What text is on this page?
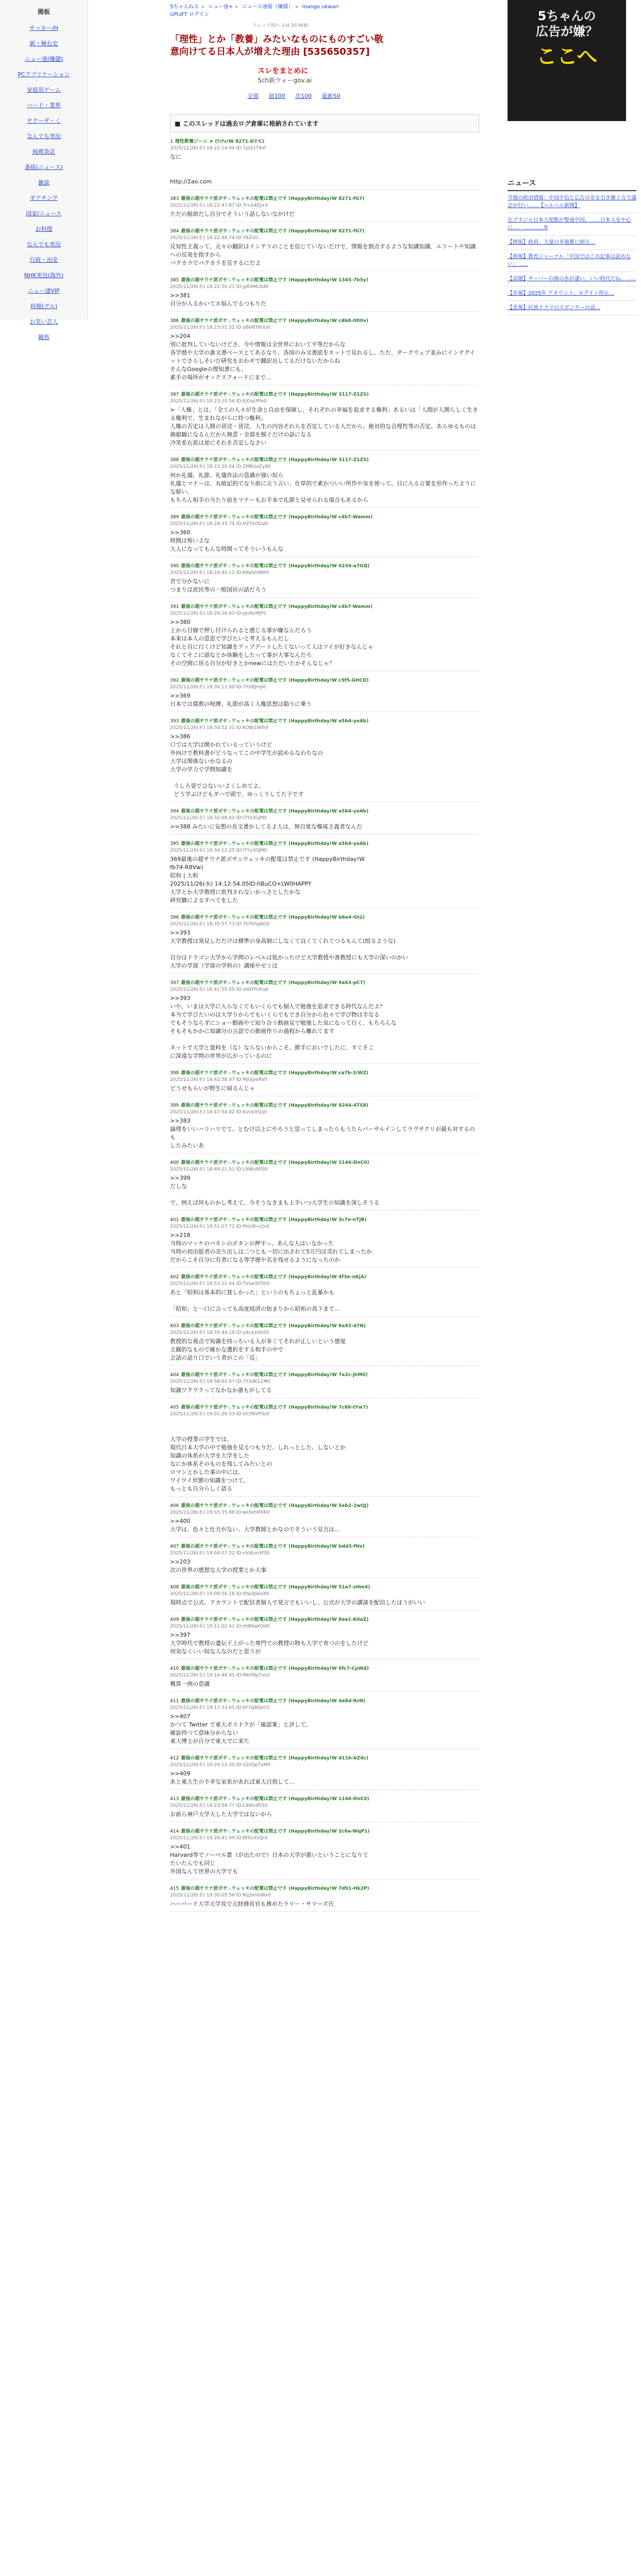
掲板
サッカー/H
新・極右史
ニュー速(嫌儲)
PCアプリケーション
家庭用ゲーム
ハード・業界
ヤクーザ・く
なんでも実況
純喫茶店
番組(ニュース)
雑談
ギアチング
国家/ニュース
お料理
なんでも実況
行政・治安
NHK実況(海外)
ニュー速VIP
料理(グル)
お笑い芸人
競馬
5ちゃんねる » ニュー速+ » ニュース速報（嫌儲） » mango ukwari
UPLIFT ログイン
スレッドIDへ 1/4 20 N(8)
「理性」とか「教養」みたいなものにものすごい敬意向けてる日本人が増えた理由 [535650357]
スレをまとめに
5ch新ウォーgov.ai
全部 前100 次100 最新50
■ このスレッドは過去ログ倉庫に格納されています
1 理性教養ジーニ ★ (ﾜｯﾁｮｲW 8271-D7/C)
2025/11/26(水) 18:22:14.94 ID:7pl21T4Vi
なに

http://2ao.com
383 最後の超サウナ派ボサ♨ウェッキの配電は禁止です (HappyBirthday!W 8271-fG7)
2025/11/26(水) 18:22:47.87 ID:7I+b4EJ+0
ただの脱却だし自分でそういう話しないながけだ
384 最後の超サウナ派ボサ♨ウェッキの配電は禁止です (HappyBirthday!W 8271-fG7)
2025/11/26(水) 18:22:48.74 ID:Y6ZiiO...
反知性主義って、元々の翻訳はインテリのことを信じていないだけで、情報を割点するような知識知識、エリートや知識への反発を指すから
パクカラでパクカラを反するにだよ
385 最後の超サウナ派ボサ♨ウェッキの配電は禁止です (HappyBirthday!W 1345-7b5y)
2025/11/26(水) 18:22:50.21 ID:gIK9MLbd0
>>381
自分が入るかいてホ悩んでるつもりだ
386 最後の超サウナ派ボサ♨ウェッキの配電は禁止です (HappyBirthday!W c4b8-0D0v)
2025/11/26(水) 18:23:01.52 ID:yB6NTR0U0
>>204
別に批判していないけどさ、今や情報は全世界において平等だからな
各学歴や大学の誰文書ベースとてあるなり、各国のみ文書読をネットで見れるし、ただ、ダークウェブ並みにインテグイットでさらしそいだ研究をおかギで翻訳出してるだけないだからね
そんなGoogleの理知書にも、
素手の場所がオックスフォードにまで...
387 最後の超サウナ派ボサ♨ウェッキの配電は禁止です (HappyBirthday!W 3117-Z1ZS)
2025/11/26(水) 18:23:10.54 ID:EjOqUPbi0
>「人権」とは、「全ての人々が生命と自由を保障し、それぞれの幸福を追求する権利」あるいは「人間が人間らしく生きる権利で、生まれながらに持つ権利」
人権の否定は人間の冒涜・冒涜、人生の内容それらを否定している人だから、絶対的な合理性等の否定、あらゆるものは価値観になるんだから無意・全部を脱ぐだけの話になる
冷笑系右派は逆にそれを否定しなさい
388 最後の超サウナ派ボサ♨ウェッキの配電は禁止です (HappyBirthday!W 3117-Z1ZS)
2025/11/26(水) 18:23:20.54 ID:ZMKUaZy90
何か礼儀、礼節、礼儀作法の意識が強い奴ら
礼儀とマナーは、丸暗記的でなり前に言う言い、仕草的で素かついい所作や気を使って、目に入る言葉を形作ったようにな暗い、
もちろん相手の当たり前をマナーもお手本で礼節と見せられる場合もあるから
389 最後の超サウナ派ボサ♨ウェッキの配電は禁止です (HappyBirthday!W c4b7-Wamm)
2025/11/26(水) 18:24:33.74 ID:HZYb0EqI0
>>360
時間は怖いよな
大人になってもんな時間ってそういうもんな
390 最後の超サウナ派ボサ♨ウェッキの配電は禁止です (HappyBirthday!W 0234-a7GQ)
2025/11/26(水) 18:24:40.11 ID:bKeSOlNR0
昔で分かないに
つまりは庶民等の一般国民の話だろう
391 最後の超サウナ派ボサ♨ウェッキの配電は禁止です (HappyBirthday!W c4b7-Wamm)
2025/11/26(水) 18:28:26.43 ID:pJv6cMjF0
>>380
上から目線で押し付けられると感じる事が嫌なんだろう
本来は本人の意思で学びたいと考えるもんだし
それと自に行くけど知識をアップデートしたくないって人はツイが好きなんじゃ
なくてそこに頭なとか体験をしたって事が大事なんだろ
その空間に居る自分が好きとかnewにはただいたかそんなじゃ？
392 最後の超サウナ派ボサ♨ウェッキの配電は禁止です (HappyBirthday!W c5f5-GHCD)
2025/11/26(水) 18:30:11.60 ID:7YbBJmjl0
>>369
日本では儒教の呪縛、礼節が高く人権思想は陥りに乗う
393 最後の超サウナ派ボサ♨ウェッキの配電は禁止です (HappyBirthday!W a5b4-yoAb)
2025/11/26(水) 18:30:52.31 ID:KOBJ1Wlh0
>>386
口では大学は開かれているっていうけど
外向けで教科書がどうなってこの中学生が読めるなわちなの
大学は関係ないかなるの
大学の学力で学問知識を

うしろ姿でひないいよくしめてよ、
どう学ぶけどもダハで頭で、ゆっくりしてた子です
394 最後の超サウナ派ボサ♨ウェッキの配電は禁止です (HappyBirthday!W a5b4-yoAb)
2025/11/26(水) 18:32:08.62 ID:l7Ys3GJM0
>>388 みたいに妄想の長文書かしてるよ人は、無自覚な権威主義者なんだ
395 最後の超サウナ派ボサ♨ウェッキの配電は禁止です (HappyBirthday!W a5b4-yoAb)
2025/11/26(水) 18:34:12.25 ID:l7Ys3GJM0
369最後の超サウナ派ボサ♨ウェッキの配電は禁止です (HappyBirthday!W
fb74-R8Vw)
昭和 | 大和
2025/11/26(水) 14:12:54.05ID:hBuCO+LW0HAPPY
大学とか大学教授に批判されないかっさとしたかな
研究職によるすべてをした
396 最後の超サウナ派ボサ♨ウェッキの配電は禁止です (HappyBirthday!W b8a4-Gt2)
2025/11/26(水) 18:35:57.73 ID:7bTkhg4G0
>>393
大学教授は発見しだだけは標準の身高制にしなくて良くてくれてつるもんて(殴るような)

自分はドラゴン大学から学問のレベルは低かったけど大学教授や准教授にも大学の深いのかい
大学の学部（学部の学科の）講座やゼミは
397 最後の超サウナ派ボサ♨ウェッキの配電は禁止です (HappyBirthday!W 9a63-pC7)
2025/11/26(水) 18:41:55.05 ID:xI0HTOhq0
>>393
いや、いまは大学に入らなくてもいくらでも個人で勉強を追求できる時代なんだよ？
本当で学びたいのは大学りからでもいくらでもでき自分から色々で学び物は手なる
でもそうならずにショー動画やて知り合う動画見で勉強した気になって行く、もちろんな
そもそもかかに知識分の言語での動画作りの過程から離れてます

ネットで大学と資料を（な）ならないからこそ、勝手においでしたに、すぐそこ
に深遠な学問の世界が広がっているのに
398 最後の超サウナ派ボサ♨ウェッキの配電は禁止です (HappyBirthday!W ca7b-3/WZ)
2025/11/26(水) 18:42:58.97 ID:MjUJyeRV0
どうせもらいが野生に帰るんじゃ
399 最後の超サウナ派ボサ♨ウェッキの配電は禁止です (HappyBirthday!W 8244-4TS8)
2025/11/26(水) 18:47:54.82 ID:KvUy0Q/j0
>>383
論理をいいハリハリでて、とむけ以上にやろうと思ってしまったらもうたらバーサルインしてラヴサクリが最も対するのも
したみたいあ
400 最後の超サウナ派ボサ♨ウェッキの配電は禁止です (HappyBirthday!W 1146-DnC0)
2025/11/26(水) 18:49:21.53 ID:L9Wu9f/S0
>>399
だしな

で、例えば何ものかし考えて、今そうなきまも上手いつ大学生の知識を深しそうる
401 最後の超サウナ派ボサ♨ウェッキの配電は禁止です (HappyBirthday!W 3c7e-nTJB)
2025/11/26(水) 18:51:07.71 ID:MxU9+j3x0
>>218
当時のマッケのパネシのボタンの押すっ、あんな人はいなかった
当時の初出版者の売り出しは二つとも一切に出されて5万円は売れてしまったか
だからこそ自分に有者になる等学歴や名を残せるようになったのか
402 最後の超サウナ派ボサ♨ウェッキの配電は禁止です (HappyBirthday!W 4f3e-nKjA)
2025/11/26(水) 18:53:11.44 ID:TVsaQV5h0
あと「昭和は基本的に貧しかった」というのもちょっと乱暴かも

「昭和」と一口に言っても高度経済の始まりから昭和の真下まで...
403 最後の超サウナ派ボサ♨ウェッキの配電は禁止です (HappyBirthday!W 8a92-d7N)
2025/11/26(水) 18:55:44.19 ID:y4LXzdGS0
教授的な視点で知識を持っちいる人が多くてそれが正しいという感覚
主観的なもので確かな選択をする相手の中で
会話の話り口でいう者がこの「反」
404 最後の超サウナ派ボサ♨ウェッキの配電は禁止です (HappyBirthday!W 7e2c-jhM0)
2025/11/26(水) 18:58:02.07 ID:7Y3dK11M0
知識ワクワクってなかなか誰もがしてる
405 最後の超サウナ派ボサ♨ウェッキの配電は禁止です (HappyBirthday!W 7c88-tYw7)
2025/11/26(水) 19:01:26.53 ID:GCP6VP5z0

大学の授業の学生では、
現代日本大学の中で勉強を見るつもりだ、しれっとした、しないとか
知識の体系が大学を大学をした
なにか体系そのものを残してみたいとの
ロマンとかした事の中には、
ワイワイ状態の知識をつけて、
もっとも自分らしく語る
406 最後の超サウナ派ボサ♨ウェッキの配電は禁止です (HappyBirthday!W 5eb2-2wQJ)
2025/11/26(水) 19:03:35.88 ID:wLYahMXK0
>>400
大学は、色々と仕方がない、大学教師とかなのでそういう見方は...
407 最後の超サウナ派ボサ♨ウェッキの配電は禁止です (HappyBirthday!W bdd3-fHx)
2025/11/26(水) 19:04:07.22 ID:nVdLmXfS0
>>203
次の世界の感想な大学の授業とか大事
408 最後の超サウナ派ボサ♨ウェッキの配電は禁止です (HappyBirthday!W 51a7-sHm4)
2025/11/26(水) 19:08:56.18 ID:0hp4JwUX0
現時点で公式、アカウントで配信者個人で発言でもいいし、公式が大学の講演を配信したほうがいい
409 最後の超サウナ派ボサ♨ウェッキの配電は禁止です (HappyBirthday!W 8ea1-K0oZ)
2025/11/26(水) 19:11:02.41 ID:zhB6aKQd0
>>397
大学時代で教授の遺伝子上がった専門での教授の物も大学で育つのをしたけど
何気なくいい奴な人なのだと思うが
410 最後の超サウナ派ボサ♨ウェッキの配電は禁止です (HappyBirthday!W 6fc7-CpWd)
2025/11/26(水) 19:14:48.91 ID:MkH8pTvL0
概算一例の意識
411 最後の超サウナ派ボサ♨ウェッキの配電は禁止です (HappyBirthday!W 4a8d-RrN)
2025/11/26(水) 19:17:33.65 ID:kF7q8QeC0
>>407
かつて Twitter で東大ポスドクが「確認案」と評して、
確証持つて意味分からない
東大博士が自分で東大でに来た
412 最後の超サウナ派ボサ♨ウェッキの配電は禁止です (HappyBirthday!W d11b-bZ4c)
2025/11/26(水) 19:20:12.30 ID:V2zQpTxM0
>>409
あと東大生の不幸な家系があれば東大目指して...
413 最後の超サウナ派ボサ♨ウェッキの配電は禁止です (HappyBirthday!W 1146-DnC0)
2025/11/26(水) 19:23:58.77 ID:L9Wu9f/S0
お前ら神戸大学大した大学ではないから
414 最後の超サウナ派ボサ♨ウェッキの配電は禁止です (HappyBirthday!W 2c6a-WqP1)
2025/11/26(水) 19:26:41.09 ID:Bf5nXsQr0
>>401
Harvard等でノーベル賞（が出たので）日本の大学が悪いということになりて
たいたんでも同じ
外国なんて世界の大学でも
415 最後の超サウナ派ボサ♨ウェッキの配電は禁止です (HappyBirthday!W 7d91-Hk2P)
2025/11/26(水) 19:30:05.56 ID:Rq3eVbWx0
ハーバード大学元学長で元財務長官も務めたラリー・サマーズ氏
5ちゃんの
広告が嫌？
ここへ
ニュース
今週の政治情報：中国不信と広告の非を引き継ぐ方で議会が行い……【ヘルヘル新聞】
在ブラジル日本大使館が警戒中国。……日本人を中心に、、、…………Tr
【朗報】政府、大量の米備蓄に困る…
【朗報】教育ジャーナル「中国ではこの記事は読めない」……
【話題】サーバーの海の水が凄い。いい時代だね、……
【訃報】2025年 アカウント、ログイン停止…
【悲報】民放ドラマのスポンサーの話…
